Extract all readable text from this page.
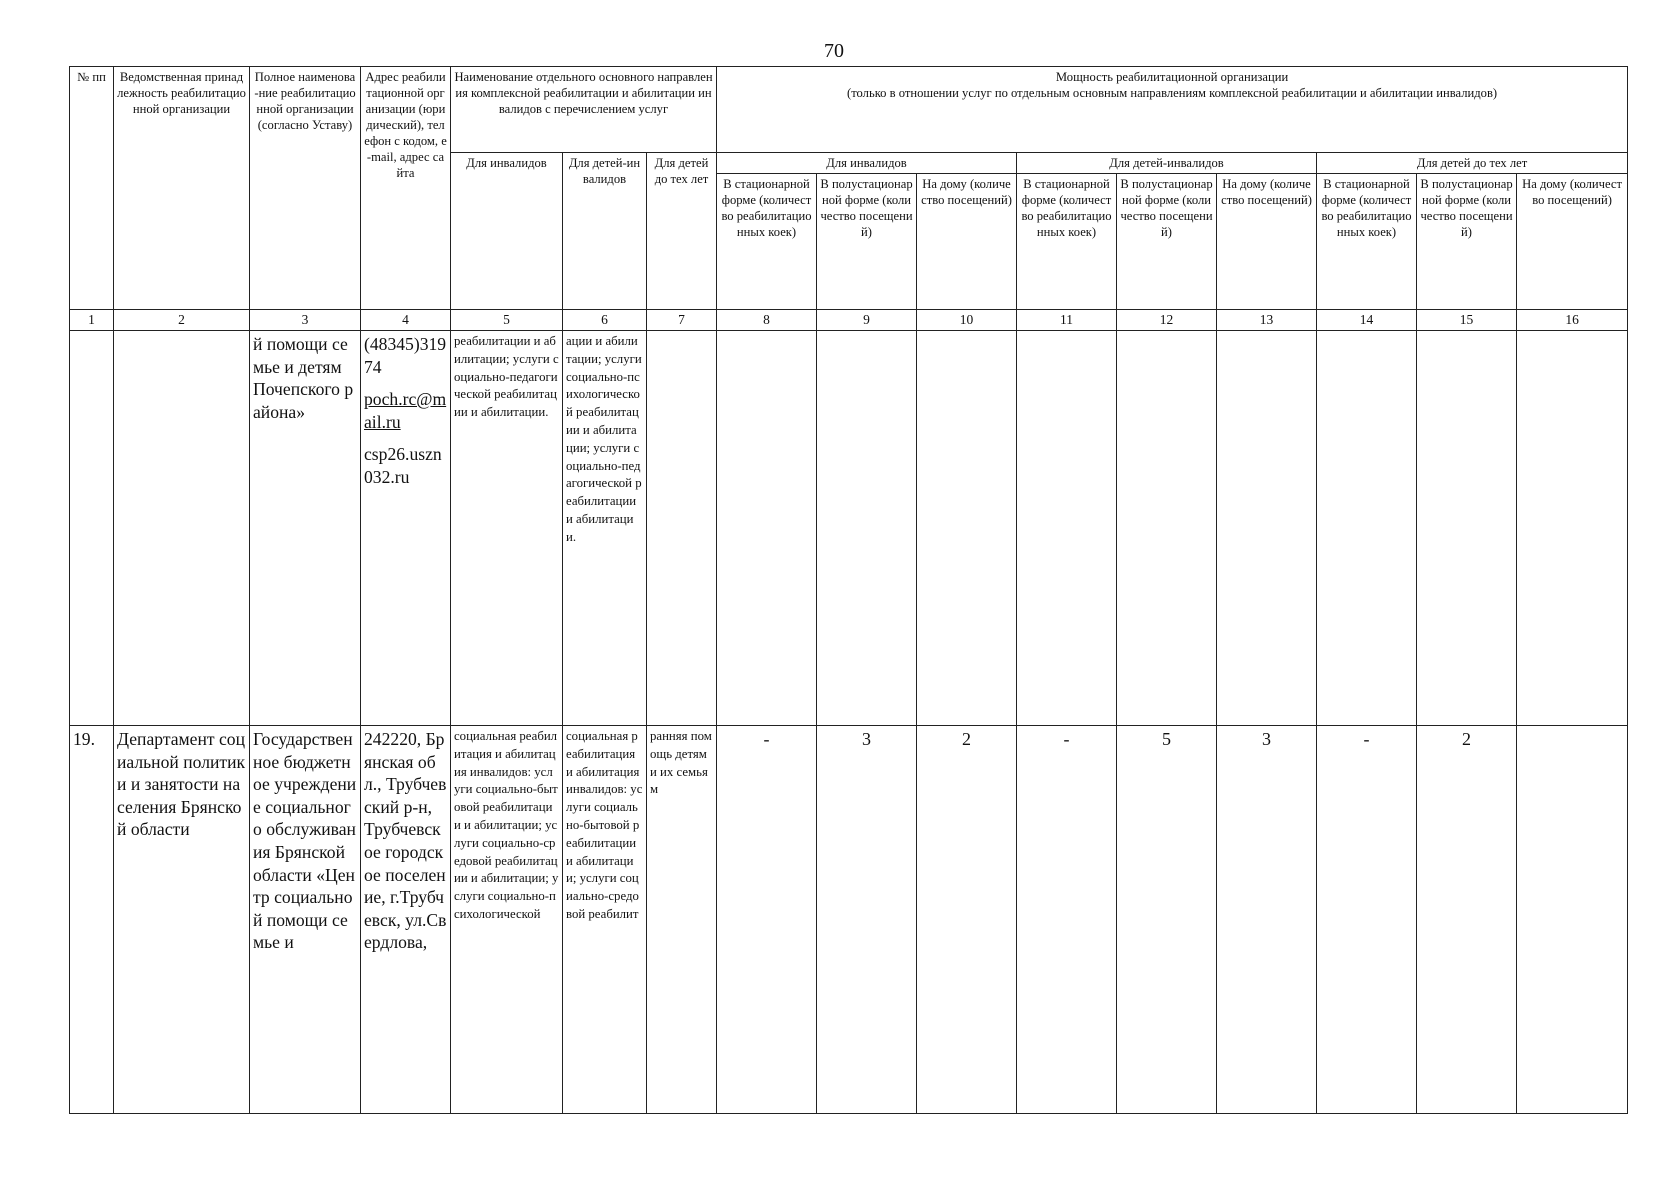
70
№ пп	Ведомственная принадлежность реабилитационной организации	Полное наименова-ние реабилитационной организации (согласно Уставу)	Адрес реабилитационной организации (юридический), телефон с кодом, e-mail, адрес сайта	Наименование отдельного основного направления комплексной реабилитации и абилитации инвалидов с перечислением услуг			Мощность реабилитационной организации
(только в отношении услуг по отдельным основным направлениям комплексной реабилитации и абилитации инвалидов)								

				Для инвалидов	Для детей-инвалидов	Для детей до тех лет	Для инвалидов			Для детей-инвалидов			Для детей до тех лет		
							В стационарной форме (количество реабилитационных коек)	В полустационарной форме (количество посещений)	На дому (количество посещений)	В стационарной форме (количество реабилитационных коек)	В полустационарной форме (количество посещений)	На дому (количество посещений)	В стационарной форме (количество реабилитационных коек)	В полустационарной форме (количество посещений)	На дому (количество посещений)
1	2	3	4	5	6	7	8	9	10	11	12	13	14	15	16
		й помощи семье и детям Почепского района»	(48345)31974
poch.rc@mail.ru
csp26.uszn032.ru	реабилитации и абилитации; услуги социально-педагогической реабилитации и абилитации.	ации и абилитации; услуги социально-психологической реабилитации и абилитации; услуги социально-педагогической реабилитации и абилитации.										
19.	Департамент социальной политики и занятости населения Брянской области	Государственное бюджетное учреждение социального обслуживания Брянской области «Центр социальной помощи семье и	242220, Брянская обл., Трубчевский р-н, Трубчевское городское поселение, г.Трубчевск, ул.Свердлова,	социальная реабилитация и абилитация инвалидов: услуги социально-бытовой реабилитации и абилитации; услуги социально-средовой реабилитации и абилитации; услуги социально-психологической	социальная реабилитация и абилитация инвалидов: услуги социально-бытовой реабилитации и абилитации; услуги социально-средовой реабилит	ранняя помощь детям и их семьям	-	3	2	-	5	3	-	2	
